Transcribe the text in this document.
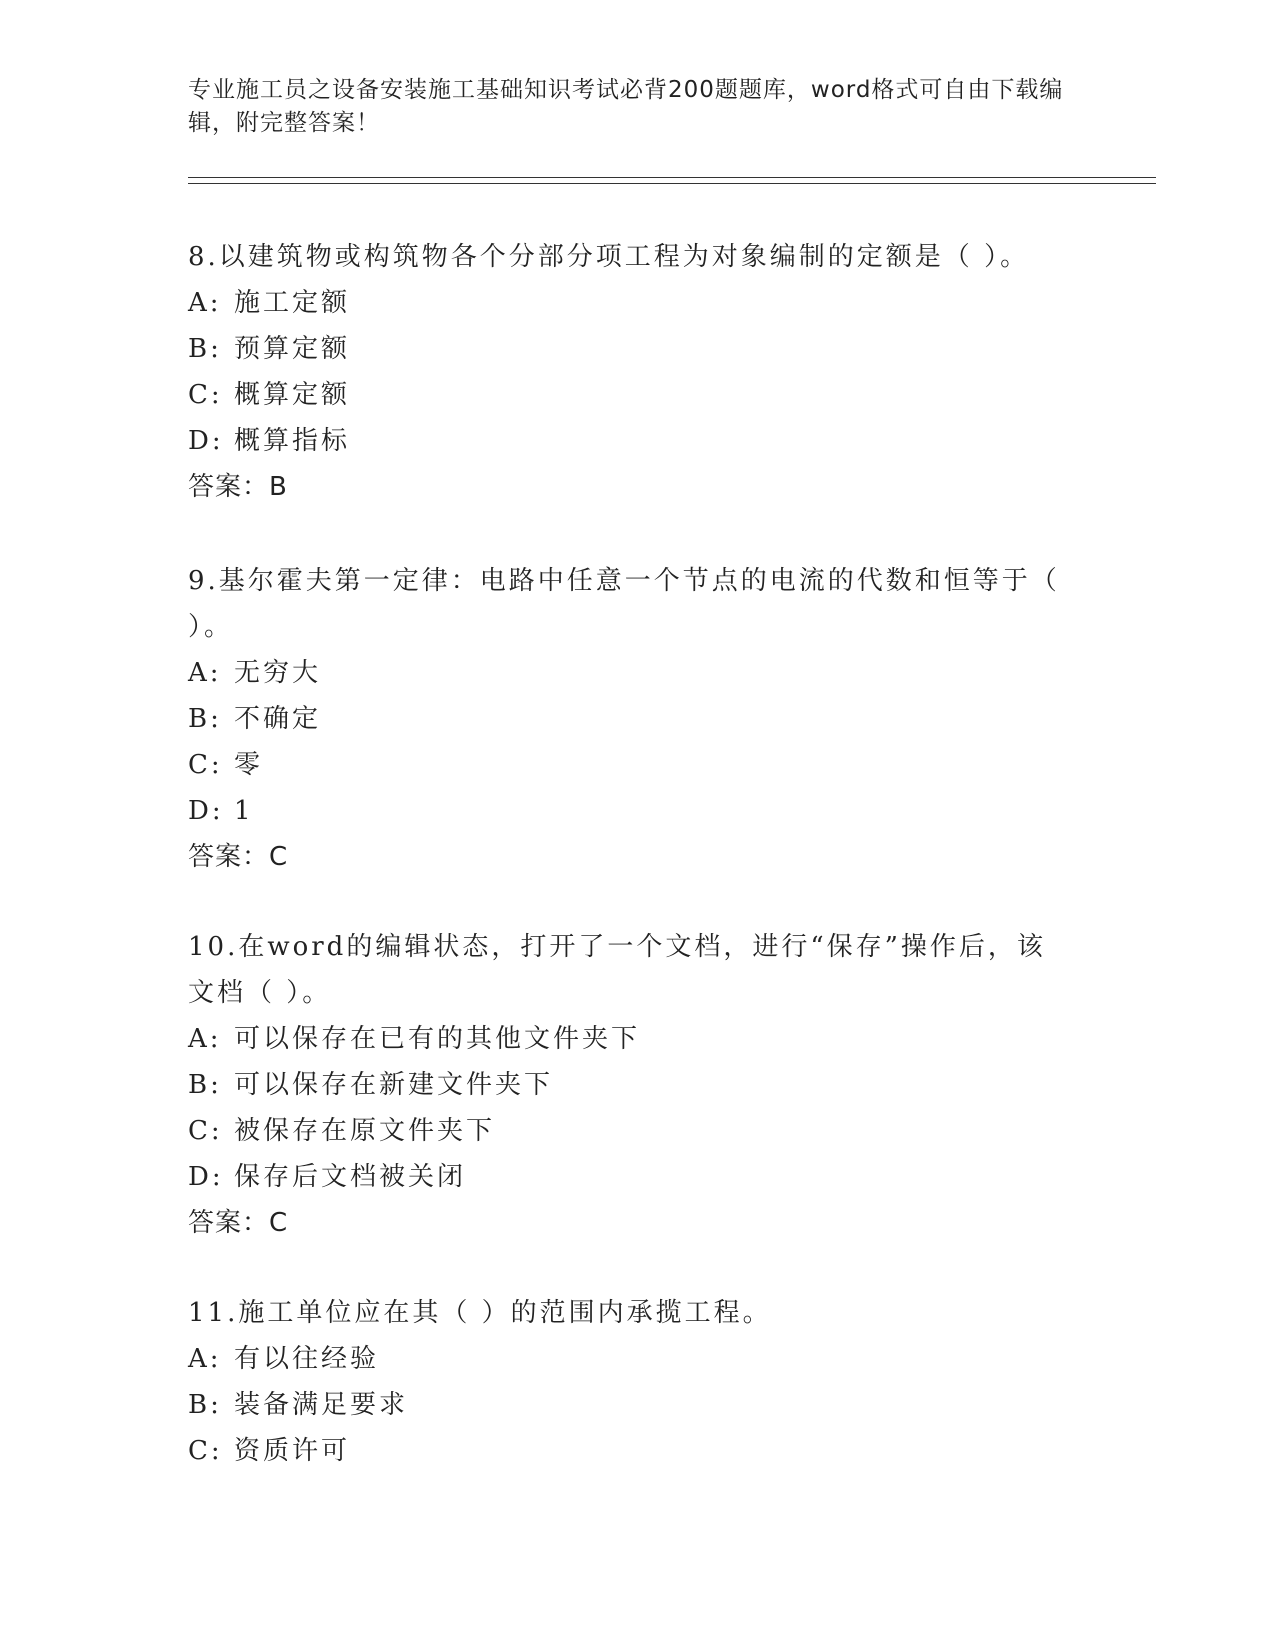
专业施工员之设备安装施工基础知识考试必背200题题库，word格式可自由下载编辑，附完整答案！

8.以建筑物或构筑物各个分部分项工程为对象编制的定额是（ ）。

A: 施工定额

B: 预算定额

C: 概算定额

D: 概算指标

答案：B

9.基尔霍夫第一定律：电路中任意一个节点的电流的代数和恒等于（ ）。

A: 无穷大

B: 不确定

C: 零

D: 1

答案：C

10.在word的编辑状态，打开了一个文档，进行“保存”操作后，该文档（ ）。

A: 可以保存在已有的其他文件夹下

B: 可以保存在新建文件夹下

C: 被保存在原文件夹下

D: 保存后文档被关闭

答案：C

11.施工单位应在其（ ）的范围内承揽工程。

A: 有以往经验

B: 装备满足要求

C: 资质许可
